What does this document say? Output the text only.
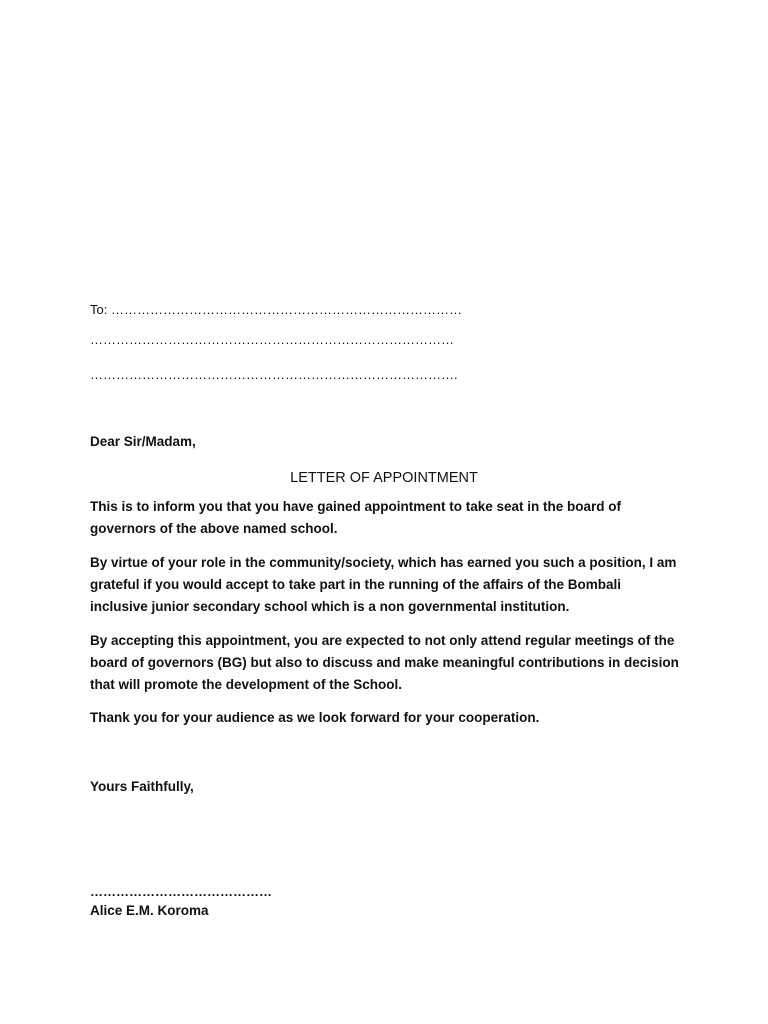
To: ………………………………………………………………………
…………………………………………………………………………
………………………………………………………………………….
Dear Sir/Madam,
LETTER OF APPOINTMENT
This is to inform you that you have gained appointment to take seat in the board of governors of the above named school.
By virtue of your role in the community/society, which has earned you such a position, I am grateful if you would accept to take part in the running of the affairs of the Bombali inclusive junior secondary school which is a non governmental institution.
By accepting this appointment, you are expected to not only attend regular meetings of the board of governors (BG) but also to discuss and make meaningful contributions in decision that will promote the development of the School.
Thank you for your audience as we look forward for your cooperation.
Yours Faithfully,
……………………………………
Alice E.M. Koroma
